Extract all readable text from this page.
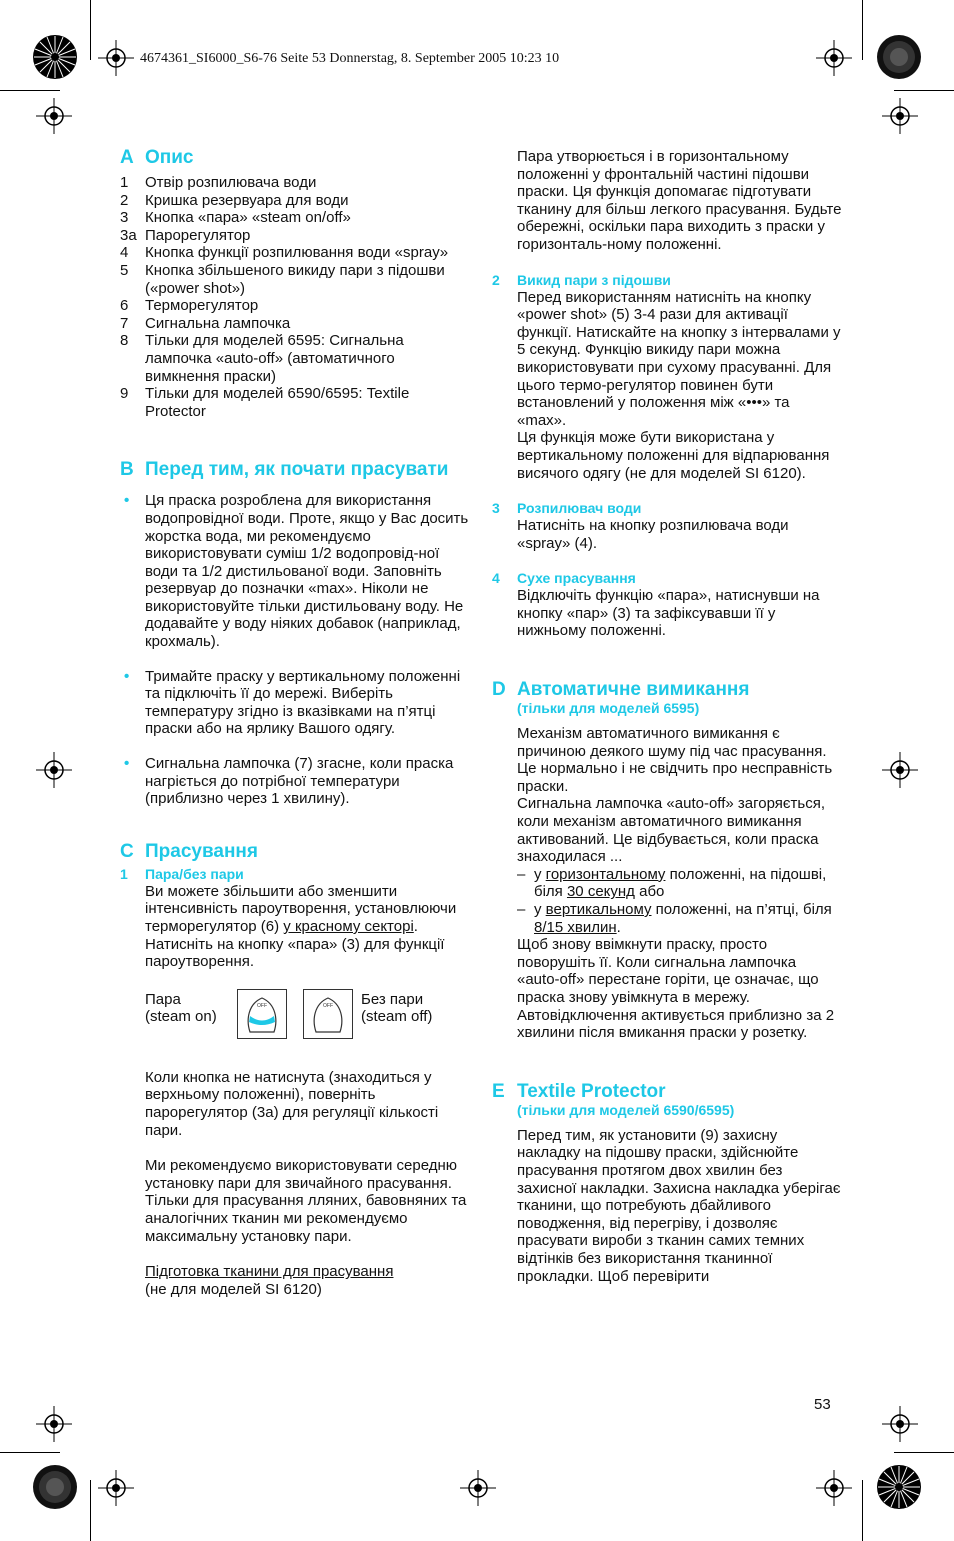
4674361_SI6000_S6-76 Seite 53 Donnerstag, 8. September 2005 10:23 10
A Опис
1 Отвір розпилювача води
2 Кришка резервуара для води
3 Кнопка «пара» «steam on/off»
3a Парорегулятор
4 Кнопка функції розпилювання води «spray»
5 Кнопка збільшеного викиду пари з підошви («power shot»)
6 Терморегулятор
7 Сигнальна лампочка
8 Тільки для моделей 6595: Сигнальна лампочка «auto-off» (автоматичного вимкнення праски)
9 Тільки для моделей 6590/6595: Textile Protector
B Перед тим, як почати прасувати
• Ця праска розроблена для використання водопровідної води. Проте, якщо у Вас досить жорстка вода, ми рекомендуємо використовувати суміш 1/2 водопровід-ної води та 1/2 дистильованої води. Заповніть резервуар до позначки «max». Ніколи не використовуйте тільки дистильовану воду. Не додавайте у воду ніяких добавок (наприклад, крохмаль).
• Тримайте праску у вертикальному положенні та підключіть її до мережі. Виберіть температуру згідно із вказівками на п’ятці праски або на ярлику Вашого одягу.
• Сигнальна лампочка (7) згасне, коли праска нагріється до потрібної температури (приблизно через 1 хвилину).
C Прасування
1 Пара/без пари
Ви можете збільшити або зменшити інтенсивність пароутворення, установлюючи терморегулятор (6) у красному секторі. Натисніть на кнопку «пара» (3) для функції пароутворення.
Пара
(steam on)
OFF	OFF Без пари
(steam off)
Коли кнопка не натиснута (знаходиться у верхньому положенні), поверніть парорегулятор (3а) для регуляції кількості пари.
Ми рекомендуємо використовувати середню установку пари для звичайного прасування. Тільки для прасування лляних, бавовняних та аналогічних тканин ми рекомендуємо максимальну установку пари.
Підготовка тканини для прасування
(не для моделей SI 6120)
Пара утворюється і в горизонтальному положенні у фронтальній частині підошви праски. Ця функція допомагає підготувати тканину для більш легкого прасування. Будьте обережні, оскільки пара виходить з праски у горизонталь-ному положенні.
2 Викид пари з підошви
Перед використанням натисніть на кнопку «power shot» (5) 3-4 рази для активації функції. Натискайте на кнопку з інтервалами у 5 секунд. Функцію викиду пари можна використовувати при сухому прасуванні. Для цього термо-регулятор повинен бути встановлений у положення між «•••» та «max».
Ця функція може бути використана у вертикальному положенні для відпарювання висячого одягу (не для моделей SI 6120).
3 Розпилювач води
Натисніть на кнопку розпилювача води «spray» (4).
4 Сухе прасування
Відключіть функцію «пара», натиснувши на кнопку «пар» (3) та зафіксувавши її у нижньому положенні.
D Автоматичне вимикання
(тільки для моделей 6595)
Механізм автоматичного вимикання є причиною деякого шуму під час прасування. Це нормально і не свідчить про несправність праски.
Сигнальна лампочка «auto-off» загоряється, коли механізм автоматичного вимикання активований. Це відбувається, коли праска знаходилася ...
– у горизонтальному положенні, на підошві, біля 30 секунд або
– у вертикальному положенні, на п’ятці, біля 8/15 хвилин.
Щоб знову ввімкнути праску, просто поворушіть її. Коли сигнальна лампочка «auto-off» перестане горіти, це означає, що праска знову увімкнута в мережу. Автовідключення активується приблизно за 2 хвилини після вмикання праски у розетку.
E Textile Protector
(тільки для моделей 6590/6595)
Перед тим, як установити (9) захисну накладку на підошву праски, здійснюйте прасування протягом двох хвилин без захисної накладки. Захисна накладка уберігає тканини, що потребують дбайливого поводження, від перегріву, і дозволяє прасувати вироби з тканин самих темних відтінків без використання тканинної прокладки. Щоб перевірити
53
